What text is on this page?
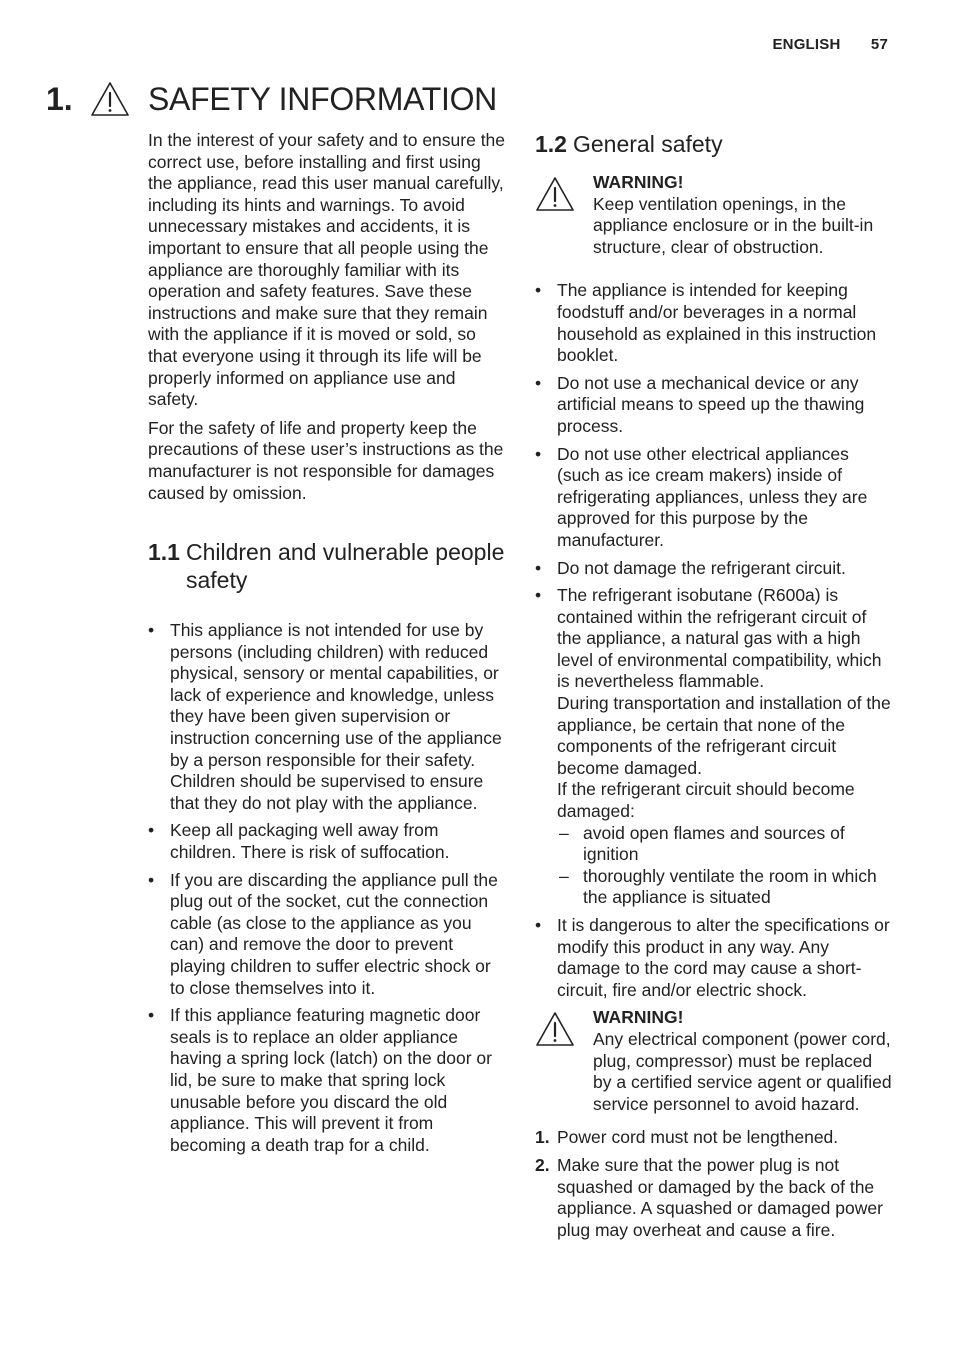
ENGLISH 57
1.	SAFETY INFORMATION

In the interest of your safety and to ensure the correct use, before installing and first using the appliance, read this user manual carefully, including its hints and warnings. To avoid unnecessary mistakes and accidents, it is important to ensure that all people using the appliance are thoroughly familiar with its operation and safety features. Save these instructions and make sure that they remain with the appliance if it is moved or sold, so that everyone using it through its life will be properly informed on appliance use and safety.

For the safety of life and property keep the precautions of these user’s instructions as the manufacturer is not responsible for damages caused by omission.

1.1 Children and vulnerable people safety
• This appliance is not intended for use by persons (including children) with reduced physical, sensory or mental capabilities, or lack of experience and knowledge, unless they have been given supervision or instruction concerning use of the appliance by a person responsible for their safety. Children should be supervised to ensure that they do not play with the appliance.
• Keep all packaging well away from children. There is risk of suffocation.
• If you are discarding the appliance pull the plug out of the socket, cut the connection cable (as close to the appliance as you can) and remove the door to prevent playing children to suffer electric shock or to close themselves into it.
• If this appliance featuring magnetic door seals is to replace an older appliance having a spring lock (latch) on the door or lid, be sure to make that spring lock unusable before you discard the old appliance. This will prevent it from becoming a death trap for a child.
1.2 General safety
WARNING!
Keep ventilation openings, in the appliance enclosure or in the built-in structure, clear of obstruction.
• The appliance is intended for keeping foodstuff and/or beverages in a normal household as explained in this instruction booklet.
• Do not use a mechanical device or any artificial means to speed up the thawing process.
• Do not use other electrical appliances (such as ice cream makers) inside of refrigerating appliances, unless they are approved for this purpose by the manufacturer.
• Do not damage the refrigerant circuit.
• The refrigerant isobutane (R600a) is contained within the refrigerant circuit of the appliance, a natural gas with a high level of environmental compatibility, which is nevertheless flammable.
During transportation and installation of the appliance, be certain that none of the components of the refrigerant circuit become damaged.
If the refrigerant circuit should become damaged:
– avoid open flames and sources of ignition
– thoroughly ventilate the room in which the appliance is situated
• It is dangerous to alter the specifications or modify this product in any way. Any damage to the cord may cause a short- circuit, fire and/or electric shock.
WARNING!
Any electrical component (power cord, plug, compressor) must be replaced by a certified service agent or qualified service personnel to avoid hazard.
1. Power cord must not be lengthened.
2. Make sure that the power plug is not squashed or damaged by the back of the appliance. A squashed or damaged power plug may overheat and cause a fire.
